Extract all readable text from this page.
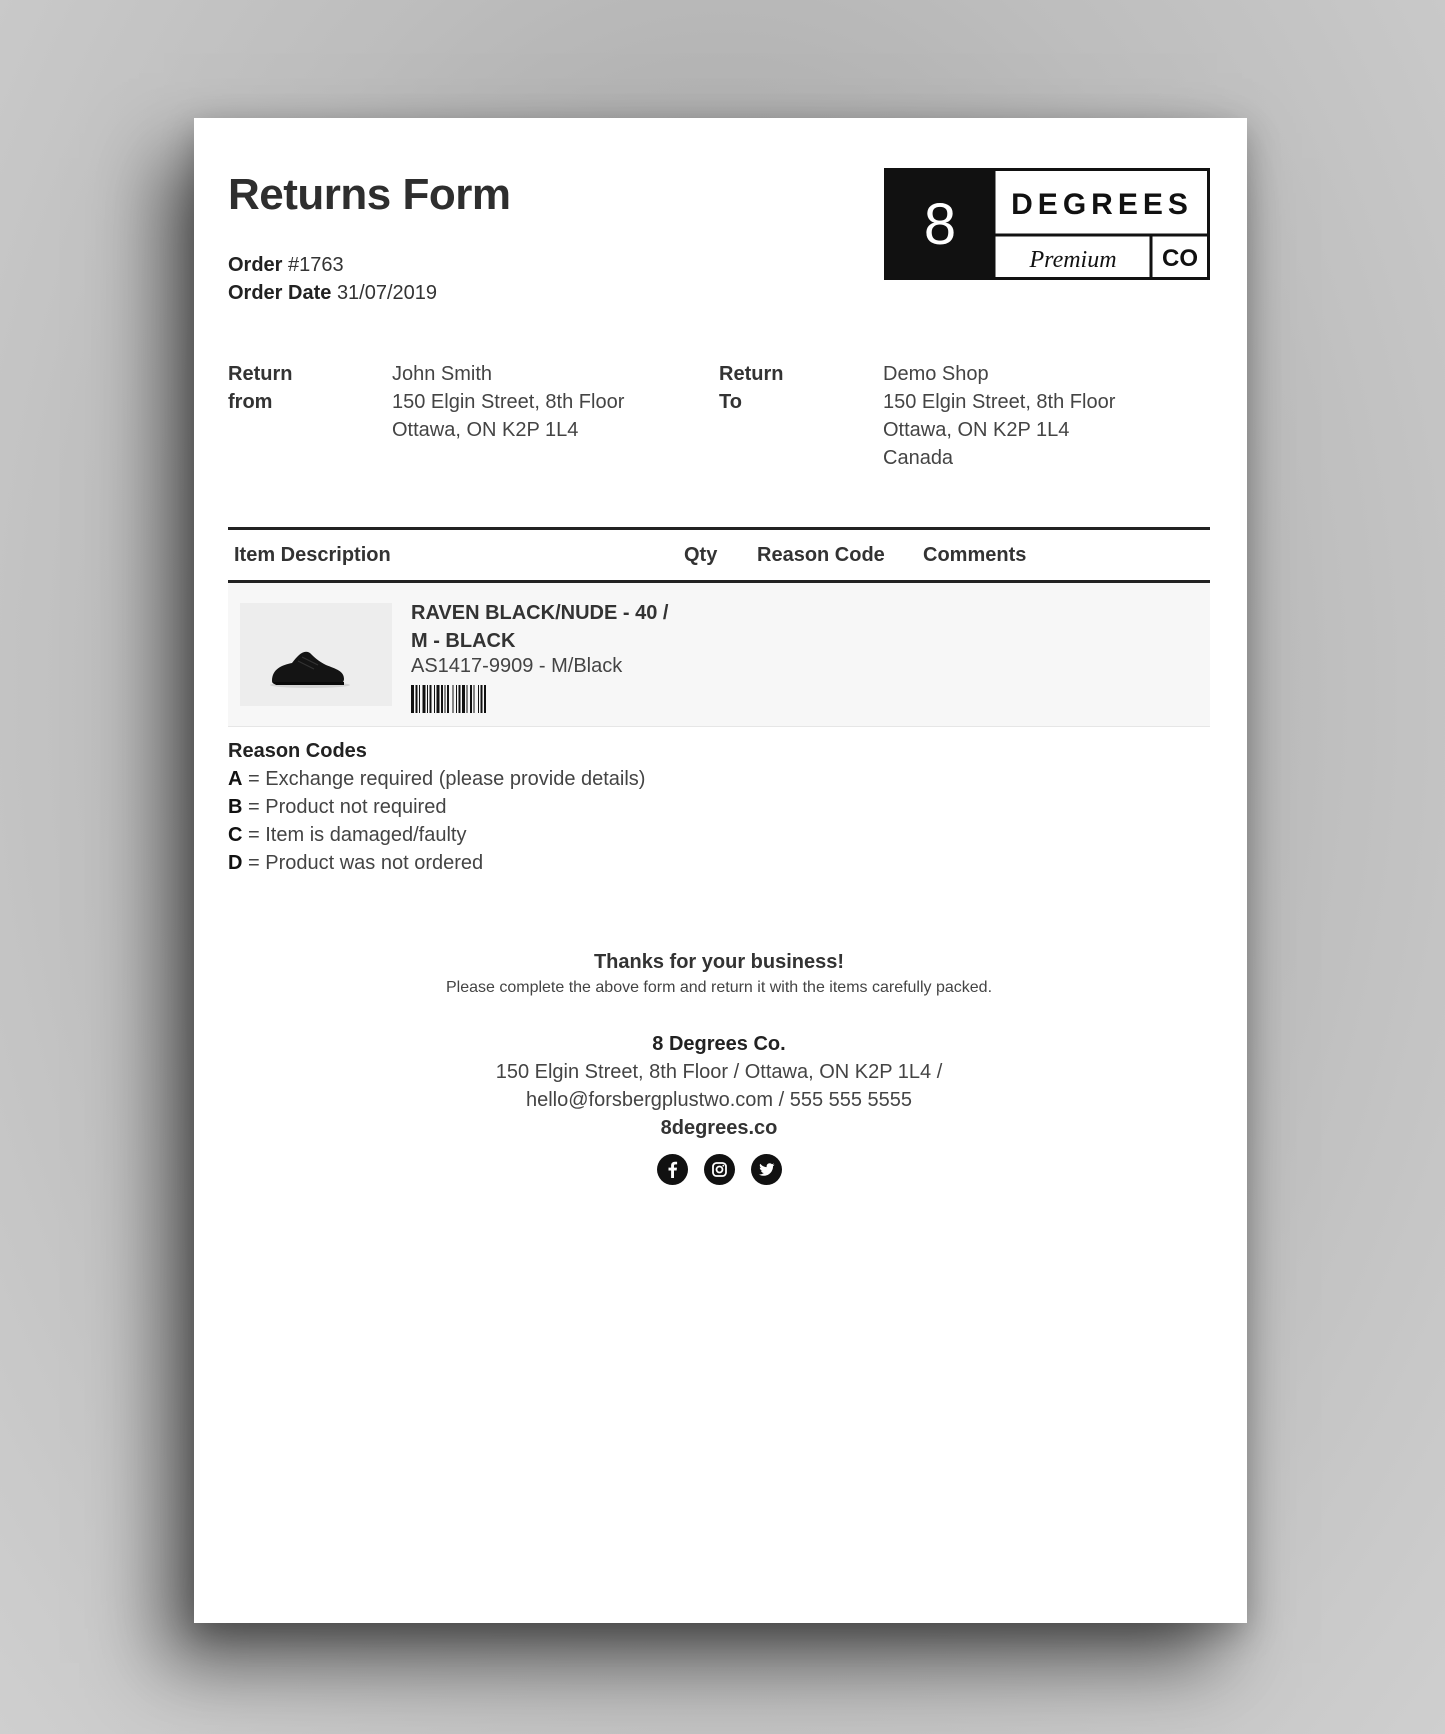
Returns Form
Order #1763
Order Date 31/07/2019
8 DEGREES
Premium CO
Return from
John Smith
150 Elgin Street, 8th Floor
Ottawa, ON K2P 1L4
Return To
Demo Shop
150 Elgin Street, 8th Floor
Ottawa, ON K2P 1L4
Canada
Item Description	Qty Reason Code Comments
RAVEN BLACK/NUDE - 40 / M - BLACK
AS1417-9909 - M/Black
Reason Codes
A = Exchange required (please provide details)
B = Product not required
C = Item is damaged/faulty
D = Product was not ordered
Thanks for your business!
Please complete the above form and return it with the items carefully packed.
8 Degrees Co.
150 Elgin Street, 8th Floor / Ottawa, ON K2P 1L4 /
hello@forsbergplustwo.com / 555 555 5555
8degrees.co
